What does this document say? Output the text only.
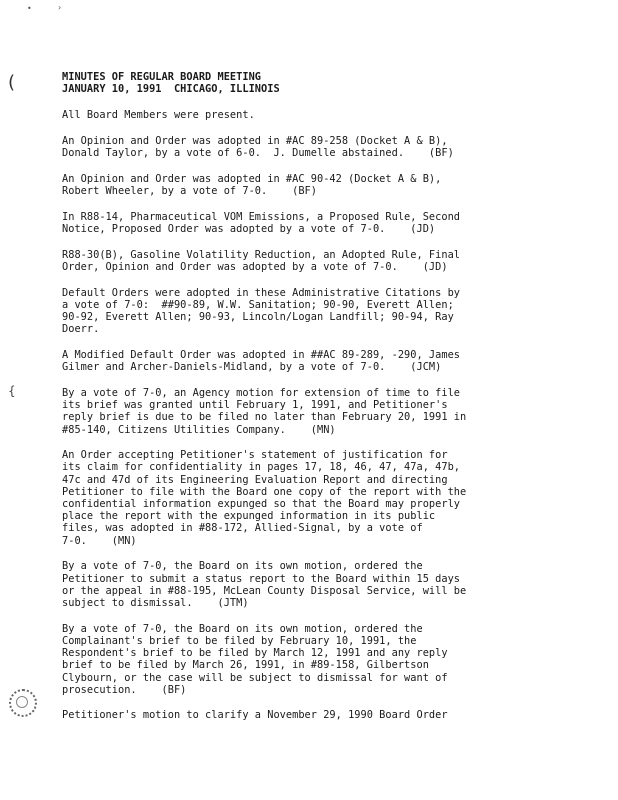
•	›
(
{

MINUTES OF REGULAR BOARD MEETING

JANUARY 10, 1991  CHICAGO, ILLINOIS

All Board Members were present.

An Opinion and Order was adopted in #AC 89-258 (Docket A & B),
Donald Taylor, by a vote of 6-0.  J. Dumelle abstained.    (BF)

An Opinion and Order was adopted in #AC 90-42 (Docket A & B),
Robert Wheeler, by a vote of 7-0.    (BF)

In R88-14, Pharmaceutical VOM Emissions, a Proposed Rule, Second
Notice, Proposed Order was adopted by a vote of 7-0.    (JD)

R88-30(B), Gasoline Volatility Reduction, an Adopted Rule, Final
Order, Opinion and Order was adopted by a vote of 7-0.    (JD)

Default Orders were adopted in these Administrative Citations by
a vote of 7-0:  ##90-89, W.W. Sanitation; 90-90, Everett Allen;
90-92, Everett Allen; 90-93, Lincoln/Logan Landfill; 90-94, Ray
Doerr.

A Modified Default Order was adopted in ##AC 89-289, -290, James
Gilmer and Archer-Daniels-Midland, by a vote of 7-0.    (JCM)

By a vote of 7-0, an Agency motion for extension of time to file
its brief was granted until February 1, 1991, and Petitioner's
reply brief is due to be filed no later than February 20, 1991 in
#85-140, Citizens Utilities Company.    (MN)

An Order accepting Petitioner's statement of justification for
its claim for confidentiality in pages 17, 18, 46, 47, 47a, 47b,
47c and 47d of its Engineering Evaluation Report and directing
Petitioner to file with the Board one copy of the report with the
confidential information expunged so that the Board may properly
place the report with the expunged information in its public
files, was adopted in #88-172, Allied-Signal, by a vote of
7-0.    (MN)

By a vote of 7-0, the Board on its own motion, ordered the
Petitioner to submit a status report to the Board within 15 days
or the appeal in #88-195, McLean County Disposal Service, will be
subject to dismissal.    (JTM)

By a vote of 7-0, the Board on its own motion, ordered the
Complainant's brief to be filed by February 10, 1991, the
Respondent's brief to be filed by March 12, 1991 and any reply
brief to be filed by March 26, 1991, in #89-158, Gilbertson
Clybourn, or the case will be subject to dismissal for want of
prosecution.    (BF)

Petitioner's motion to clarify a November 29, 1990 Board Order
